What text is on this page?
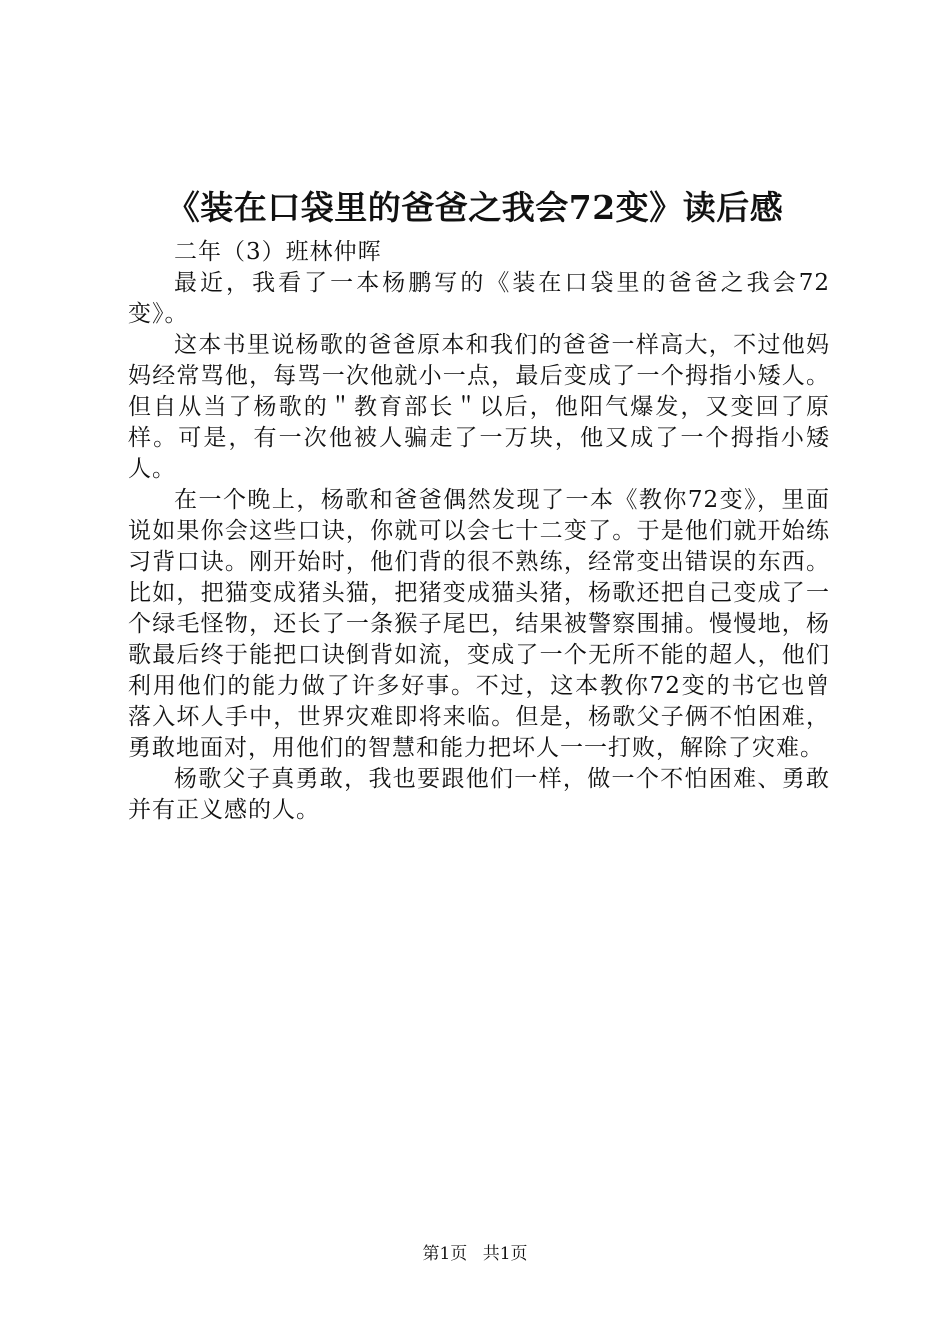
《装在口袋里的爸爸之我会72变》读后感

二年（3）班林仲晖

最近，我看了一本杨鹏写的《装在口袋里的爸爸之我会72变》。

这本书里说杨歌的爸爸原本和我们的爸爸一样高大，不过他妈妈经常骂他，每骂一次他就小一点，最后变成了一个拇指小矮人。但自从当了杨歌的＂教育部长＂以后，他阳气爆发，又变回了原样。可是，有一次他被人骗走了一万块，他又成了一个拇指小矮人。

在一个晚上，杨歌和爸爸偶然发现了一本《教你72变》，里面说如果你会这些口诀，你就可以会七十二变了。于是他们就开始练习背口诀。刚开始时，他们背的很不熟练，经常变出错误的东西。比如，把猫变成猪头猫，把猪变成猫头猪，杨歌还把自己变成了一个绿毛怪物，还长了一条猴子尾巴，结果被警察围捕。慢慢地，杨歌最后终于能把口诀倒背如流，变成了一个无所不能的超人，他们利用他们的能力做了许多好事。不过，这本教你72变的书它也曾落入坏人手中，世界灾难即将来临。但是，杨歌父子俩不怕困难，勇敢地面对，用他们的智慧和能力把坏人一一打败，解除了灾难。

杨歌父子真勇敢，我也要跟他们一样，做一个不怕困难、勇敢并有正义感的人。

第1页 共1页
